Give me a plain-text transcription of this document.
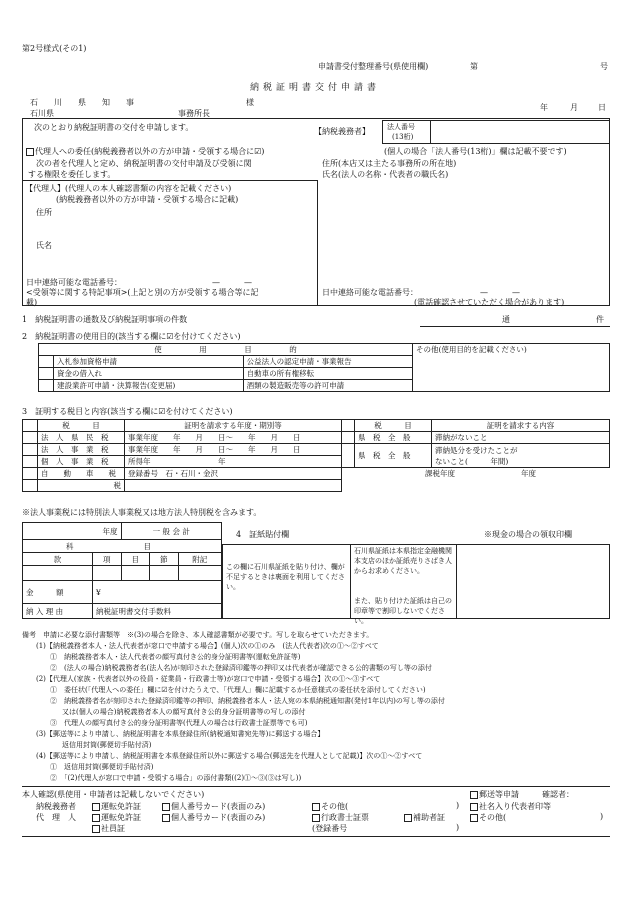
第2号様式(その1)
申請書受付整理番号(県使用欄)	第	号
納税証明書交付申請書
石　川　県　知　事	様
石川県	事務所長
年	月	日
次のとおり納税証明書の交付を申請します。	【納税義務者】 法人番号
(13桁)
代理人への委任(納税義務者以外の方が申請・受領する場合に☑)	(個人の場合「法人番号(13桁)」欄は記載不要です)
次の者を代理人と定め、納税証明書の交付申請及び受領に関
する権限を委任します。
住所(本店又は主たる事務所の所在地)
氏名(法人の名称・代表者の職氏名)
【代理人】(代理人の本人確認書類の内容を記載ください)
(納税義務者以外の方が申請・受領する場合に記載)
住所
氏名
日中連絡可能な電話番号：	—　　　—
<受領等に関する特記事項>(上記と別の方が受領する場合等に記
載)
日中連絡可能な電話番号：	—　　　—
(電話確認させていただく場合があります)
1　納税証明書の通数及び納税証明事項の件数	通	件
2　納税証明書の使用目的(該当する欄に☑を付けてください)
使　　　　　用　　　　　目　　　　　的			その他(使用目的を記載ください)
	入札参加資格申請	公益法人の認定申請・事業報告	
	資金の借入れ	自動車の所有権移転	
	建設業許可申請・決算報告(変更届)	酒類の製造販売等の許可申請	
3　証明する税目と内容(該当する欄に☑を付けてください)
	税　　　目	証明を請求する年度・期別等		税　　　目	証明を請求する内容
	法　人　県　民　税	事業年度　　年　　月　　日～　　年　　月　　日		県　税　全　般	滞納がないこと
	法　人　事　業　税	事業年度　　年　　月　　日～　　年　　月　　日		県　税　全　般	滞納処分を受けたことが
ないこと(　　　年間)
	個　人　事　業　税	所得年　　　　　　　　　年			
	自　　動　　車　　税	登録番号　石・石川・金沢	課税年度 年度		
	税				
※法人事業税には特別法人事業税又は地方法人特別税を含みます。
年度		一 般 会 計		
科 目				
款	項	目	節	附記

金　　　額	¥			
納 入 理 由	納税証明書交付手数料			
4　証紙貼付欄	※現金の場合の領収印欄
この欄に石川県証紙を貼り付け、欄が不足するときは裏面を利用してください。
石川県証紙は本県指定金融機関本支店のほか証紙売りさばき人からお求めください。
また、貼り付けた証紙は自己の印章等で割印しないでください。
備考　申請に必要な添付書類等　※(3)の場合を除き、本人確認書類が必要です。写しを取らせていただきます。
(1)【納税義務者本人・法人代表者が窓口で申請する場合】(個人)次の①のみ　(法人代表者)次の①～②すべて
①　納税義務者本人・法人代表者の顔写真付き公的身分証明書等(運転免許証等)
②　(法人の場合)納税義務者名(法人名)が刻印された登録済印鑑等の押印又は代表者が確認できる公的書類の写し等の添付
(2)【代理人(家族・代表者以外の役員・従業員・行政書士等)が窓口で申請・受領する場合】次の①～③すべて
①　委任状(「代理人への委任」欄に☑を付けたうえで、「代理人」欄に記載するか任意様式の委任状を添付してください)
②　納税義務者名が刻印された登録済印鑑等の押印、納税義務者本人・法人宛の本県納税通知書(発付1年以内)の写し等の添付
又は(個人の場合)納税義務者本人の顔写真付き公的身分証明書等の写しの添付
③　代理人の顔写真付き公的身分証明書等(代理人の場合は行政書士証票等でも可)
(3)【郵送等により申請し、納税証明書を本県登録住所(納税通知書宛先等)に郵送する場合】
返信用封筒(郵便切手貼付済)
(4)【郵送等により申請し、納税証明書を本県登録住所以外に郵送する場合(郵送先を代理人として記載)】次の①～②すべて
①　返信用封筒(郵便切手貼付済)
②　「(2)代理人が窓口で申請・受領する場合」の添付書類((2)①～③(③は写し))
本人確認(県使用・申請者は記載しないでください)	郵送等申請	確認者：
納税義務者	運転免許証	個人番号カード(表面のみ)	その他(	)	社名入り代表者印等
代　理　人	運転免許証	個人番号カード(表面のみ)	行政書士証票	補助者証	その他(	)
社員証	(登録番号	)
